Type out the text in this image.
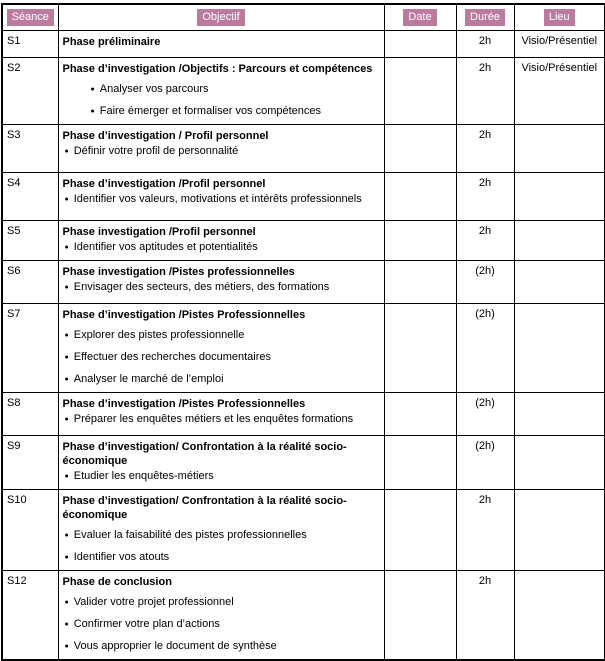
Séance	Objectif	Date	Durée	Lieu
S1	Phase préliminaire		2h	Visio/Présentiel
S2	Phase d’investigation /Objectifs : Parcours et compétences
● Analyser vos parcours
● Faire émerger et formaliser vos compétences		2h	Visio/Présentiel
S3	Phase d’investigation / Profil personnel
● Définir votre profil de personnalité		2h	
S4	Phase d’investigation /Profil personnel
● Identifier vos valeurs, motivations et intérêts professionnels		2h	
S5	Phase investigation /Profil personnel
● Identifier vos aptitudes et potentialités		2h	
S6	Phase investigation /Pistes professionnelles
● Envisager des secteurs, des métiers, des formations		(2h)	
S7	Phase d’investigation /Pistes Professionnelles
● Explorer des pistes professionnelle
● Effectuer des recherches documentaires
● Analyser le marché de l’emploi		(2h)	
S8	Phase d’investigation /Pistes Professionnelles
● Préparer les enquêtes métiers et les enquêtes formations		(2h)	
S9	Phase d’investigation/ Confrontation à la réalité socio-économique
● Etudier les enquêtes-métiers		(2h)	
S10	Phase d’investigation/ Confrontation à la réalité socio-économique
● Evaluer la faisabilité des pistes professionnelles
● Identifier vos atouts		2h	
S12	Phase de conclusion
● Valider votre projet professionnel
● Confirmer votre plan d’actions
● Vous approprier le document de synthèse		2h	
